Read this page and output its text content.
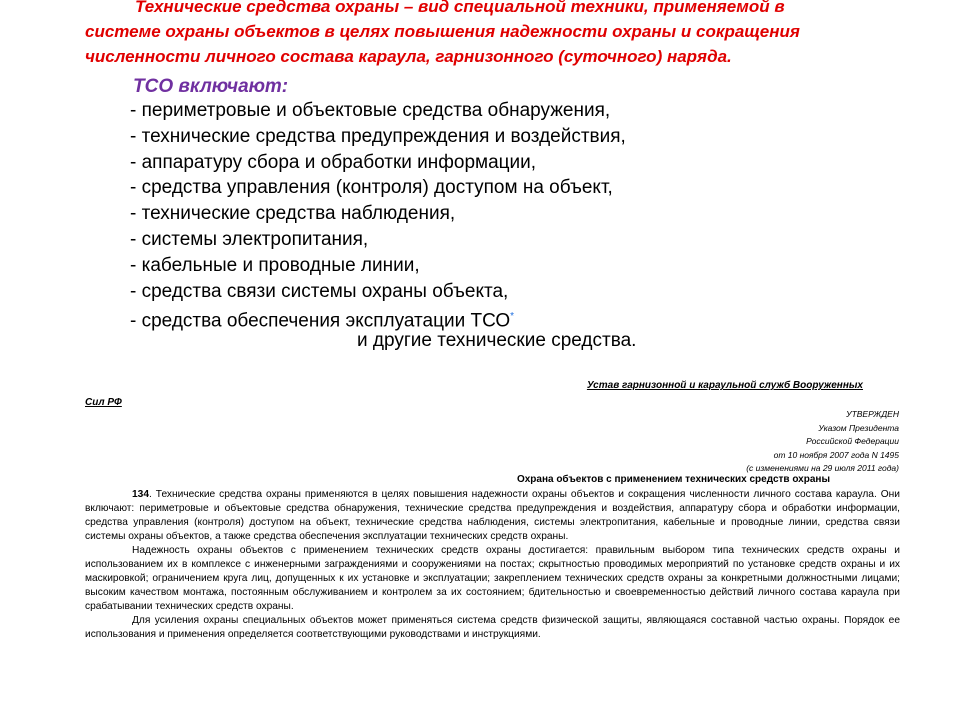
Технические средства охраны – вид специальной техники, применяемой в
системе охраны объектов в целях повышения надежности охраны и сокращения
численности личного состава караула, гарнизонного (суточного) наряда.
ТСО включают:
- периметровые и объектовые средства обнаружения,
- технические средства предупреждения и воздействия,
- аппаратуру сбора и обработки информации,
- средства управления (контроля) доступом на объект,
- технические средства наблюдения,
- системы электропитания,
- кабельные и проводные линии,
- средства связи системы охраны объекта,
- средства обеспечения эксплуатации ТСО*
и другие технические средства.
Устав гарнизонной и караульной служб Вооруженных
Сил РФ
УТВЕРЖДЕН
Указом Президента
Российской Федерации
от 10 ноября 2007 года N 1495
(с изменениями на 29 июля 2011 года)
Охрана объектов с применением технических средств охраны

134. Технические средства охраны применяются в целях повышения надежности охраны объектов и сокращения численности личного состава караула. Они включают: периметровые и объектовые средства обнаружения, технические средства предупреждения и воздействия, аппаратуру сбора и обработки информации, средства управления (контроля) доступом на объект, технические средства наблюдения, системы электропитания, кабельные и проводные линии, средства связи системы охраны объектов, а также средства обеспечения эксплуатации технических средств охраны.

Надежность охраны объектов с применением технических средств охраны достигается: правильным выбором типа технических средств охраны и использованием их в комплексе с инженерными заграждениями и сооружениями на постах; скрытностью проводимых мероприятий по установке средств охраны и их маскировкой; ограничением круга лиц, допущенных к их установке и эксплуатации; закреплением технических средств охраны за конкретными должностными лицами; высоким качеством монтажа, постоянным обслуживанием и контролем за их состоянием; бдительностью и своевременностью действий личного состава караула при срабатывании технических средств охраны.

Для усиления охраны специальных объектов может применяться система средств физической защиты, являющаяся составной частью охраны. Порядок ее использования и применения определяется соответствующими руководствами и инструкциями.
